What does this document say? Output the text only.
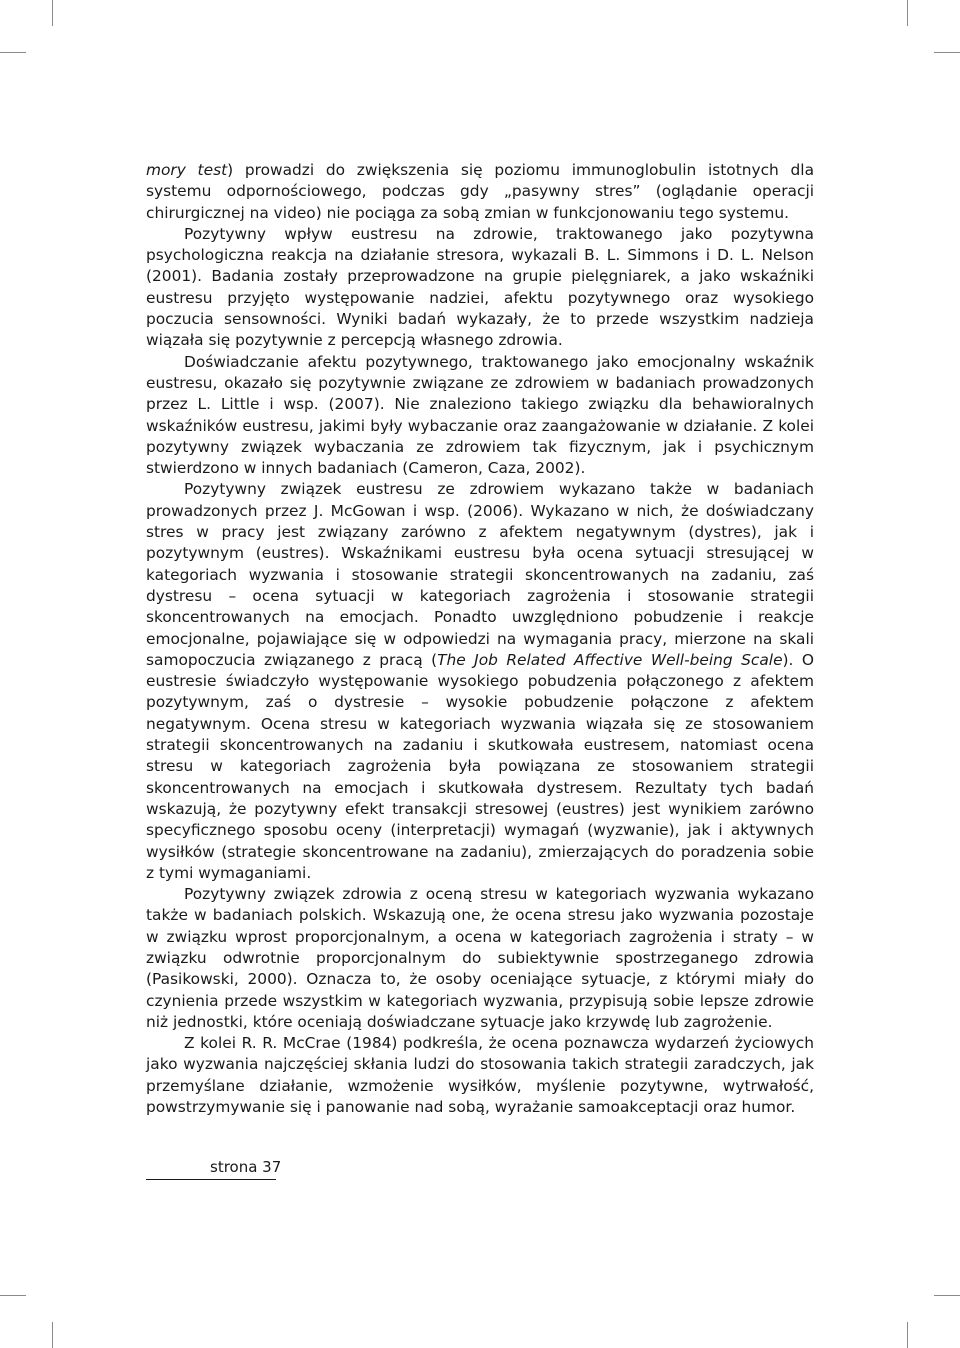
mory test) prowadzi do zwiększenia się poziomu immunoglobulin istotnych dla systemu odpornościowego, podczas gdy „pasywny stres” (oglądanie operacji chirurgicznej na video) nie pociąga za sobą zmian w funkcjonowaniu tego systemu.

Pozytywny wpływ eustresu na zdrowie, traktowanego jako pozytywna psychologiczna reakcja na działanie stresora, wykazali B. L. Simmons i D. L. Nelson (2001). Badania zostały przeprowadzone na grupie pielęgniarek, a jako wskaźniki eustresu przyjęto występowanie nadziei, afektu pozytywnego oraz wysokiego poczucia sensowności. Wyniki badań wykazały, że to przede wszystkim nadzieja wiązała się pozytywnie z percepcją własnego zdrowia.

Doświadczanie afektu pozytywnego, traktowanego jako emocjonalny wskaźnik eustresu, okazało się pozytywnie związane ze zdrowiem w badaniach prowadzonych przez L. Little i wsp. (2007). Nie znaleziono takiego związku dla behawioralnych wskaźników eustresu, jakimi były wybaczanie oraz zaangażowanie w działanie. Z kolei pozytywny związek wybaczania ze zdrowiem tak fizycznym, jak i psychicznym stwierdzono w innych badaniach (Cameron, Caza, 2002).

Pozytywny związek eustresu ze zdrowiem wykazano także w badaniach prowadzonych przez J. McGowan i wsp. (2006). Wykazano w nich, że doświadczany stres w pracy jest związany zarówno z afektem negatywnym (dystres), jak i pozytywnym (eustres). Wskaźnikami eustresu była ocena sytuacji stresującej w kategoriach wyzwania i stosowanie strategii skoncentrowanych na zadaniu, zaś dystresu – ocena sytuacji w kategoriach zagrożenia i stosowanie strategii skoncentrowanych na emocjach. Ponadto uwzględniono pobudzenie i reakcje emocjonalne, pojawiające się w odpowiedzi na wymagania pracy, mierzone na skali samopoczucia związanego z pracą (The Job Related Affective Well-being Scale). O eustresie świadczyło występowanie wysokiego pobudzenia połączonego z afektem pozytywnym, zaś o dystresie – wysokie pobudzenie połączone z afektem negatywnym. Ocena stresu w kategoriach wyzwania wiązała się ze stosowaniem strategii skoncentrowanych na zadaniu i skutkowała eustresem, natomiast ocena stresu w kategoriach zagrożenia była powiązana ze stosowaniem strategii skoncentrowanych na emocjach i skutkowała dystresem. Rezultaty tych badań wskazują, że pozytywny efekt transakcji stresowej (eustres) jest wynikiem zarówno specyficznego sposobu oceny (interpretacji) wymagań (wyzwanie), jak i aktywnych wysiłków (strategie skoncentrowane na zadaniu), zmierzających do poradzenia sobie z tymi wymaganiami.

Pozytywny związek zdrowia z oceną stresu w kategoriach wyzwania wykazano także w badaniach polskich. Wskazują one, że ocena stresu jako wyzwania pozostaje w związku wprost proporcjonalnym, a ocena w kategoriach zagrożenia i straty – w związku odwrotnie proporcjonalnym do subiektywnie spostrzeganego zdrowia (Pasikowski, 2000). Oznacza to, że osoby oceniające sytuacje, z którymi miały do czynienia przede wszystkim w kategoriach wyzwania, przypisują sobie lepsze zdrowie niż jednostki, które oceniają doświadczane sytuacje jako krzywdę lub zagrożenie.

Z kolei R. R. McCrae (1984) podkreśla, że ocena poznawcza wydarzeń życiowych jako wyzwania najczęściej skłania ludzi do stosowania takich strategii zaradczych, jak przemyślane działanie, wzmożenie wysiłków, myślenie pozytywne, wytrwałość, powstrzymywanie się i panowanie nad sobą, wyrażanie samoakceptacji oraz humor.

strona 37
